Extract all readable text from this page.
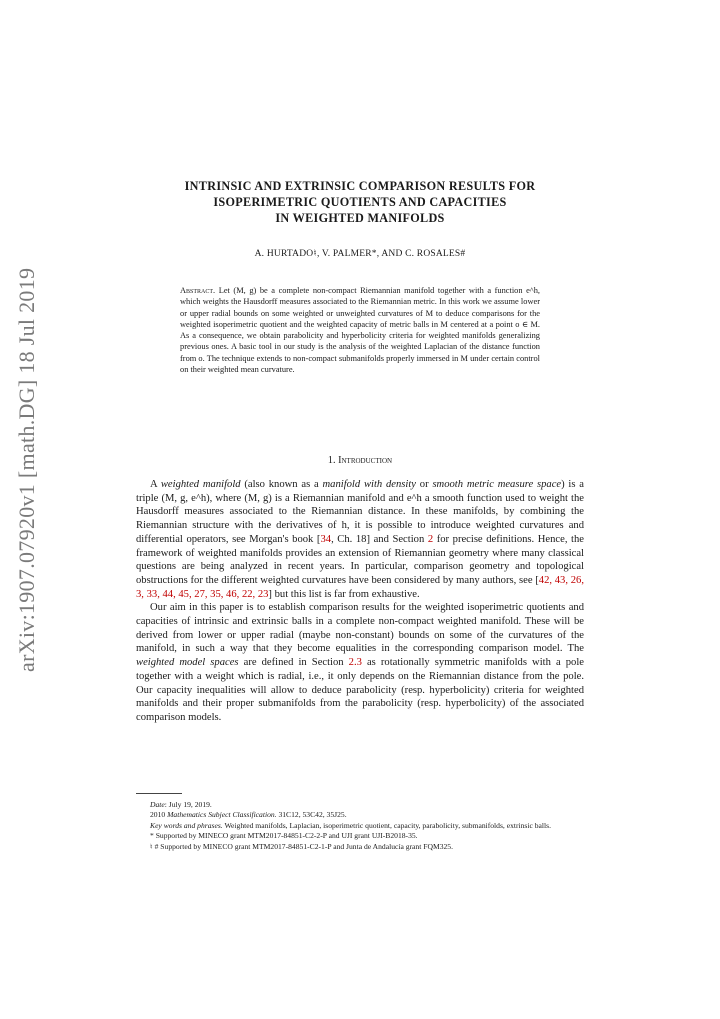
arXiv:1907.07920v1 [math.DG] 18 Jul 2019
INTRINSIC AND EXTRINSIC COMPARISON RESULTS FOR
ISOPERIMETRIC QUOTIENTS AND CAPACITIES
IN WEIGHTED MANIFOLDS
A. HURTADO♮, V. PALMER*, AND C. ROSALES#
Abstract. Let (M, g) be a complete non-compact Riemannian manifold together with a function e^h, which weights the Hausdorff measures associated to the Riemannian metric. In this work we assume lower or upper radial bounds on some weighted or unweighted curvatures of M to deduce comparisons for the weighted isoperimetric quotient and the weighted capacity of metric balls in M centered at a point o ∈ M. As a consequence, we obtain parabolicity and hyperbolicity criteria for weighted manifolds generalizing previous ones. A basic tool in our study is the analysis of the weighted Laplacian of the distance function from o. The technique extends to non-compact submanifolds properly immersed in M under certain control on their weighted mean curvature.
1. Introduction

A weighted manifold (also known as a manifold with density or smooth metric measure space) is a triple (M, g, e^h), where (M, g) is a Riemannian manifold and e^h a smooth function used to weight the Hausdorff measures associated to the Riemannian distance. In these manifolds, by combining the Riemannian structure with the derivatives of h, it is possible to introduce weighted curvatures and differential operators, see Morgan's book [34, Ch. 18] and Section 2 for precise definitions. Hence, the framework of weighted manifolds provides an extension of Riemannian geometry where many classical questions are being analyzed in recent years. In particular, comparison geometry and topological obstructions for the different weighted curvatures have been considered by many authors, see [42, 43, 26, 3, 33, 44, 45, 27, 35, 46, 22, 23] but this list is far from exhaustive.

Our aim in this paper is to establish comparison results for the weighted isoperimetric quotients and capacities of intrinsic and extrinsic balls in a complete non-compact weighted manifold. These will be derived from lower or upper radial (maybe non-constant) bounds on some of the curvatures of the manifold, in such a way that they become equalities in the corresponding comparison model. The weighted model spaces are defined in Section 2.3 as rotationally symmetric manifolds with a pole together with a weight which is radial, i.e., it only depends on the Riemannian distance from the pole. Our capacity inequalities will allow to deduce parabolicity (resp. hyperbolicity) criteria for weighted manifolds and their proper submanifolds from the parabolicity (resp. hyperbolicity) of the associated comparison models.

Date: July 19, 2019.
2010 Mathematics Subject Classification. 31C12, 53C42, 35J25.
Key words and phrases. Weighted manifolds, Laplacian, isoperimetric quotient, capacity, parabolicity, submanifolds, extrinsic balls.
* Supported by MINECO grant MTM2017-84851-C2-2-P and UJI grant UJI-B2018-35.
♮ # Supported by MINECO grant MTM2017-84851-C2-1-P and Junta de Andalucía grant FQM325.
